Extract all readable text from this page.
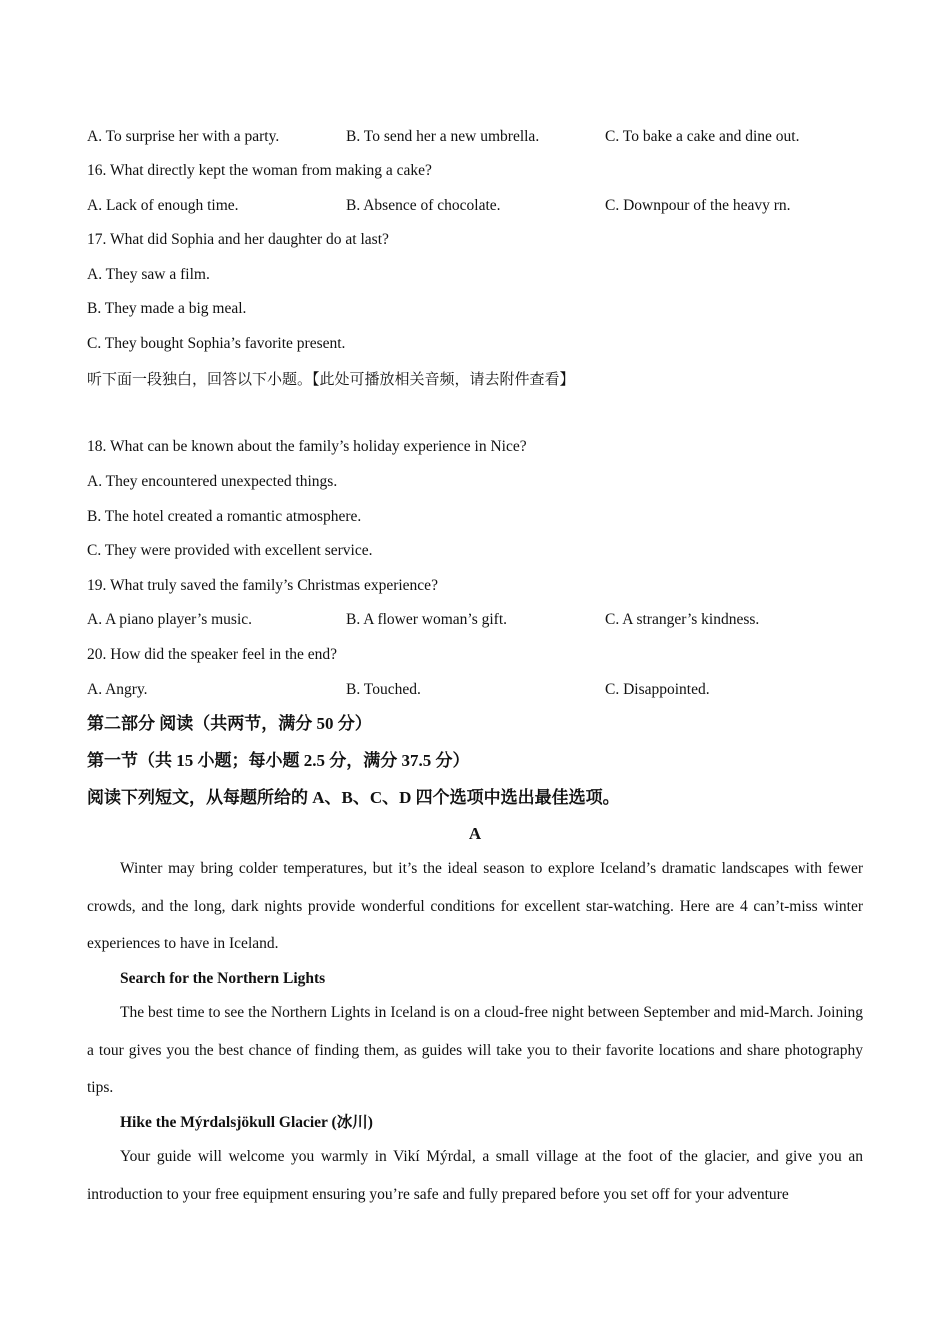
A. To surprise her with a party.	B. To send her a new umbrella.	C. To bake a cake and dine out.
16. What directly kept the woman from making a cake?
A. Lack of enough time.	B. Absence of chocolate.	C. Downpour of the heavy rn.
17. What did Sophia and her daughter do at last?
A. They saw a film.
B. They made a big meal.
C. They bought Sophia’s favorite present.
听下面一段独白，回答以下小题。【此处可播放相关音频，请去附件查看】
18. What can be known about the family’s holiday experience in Nice?
A. They encountered unexpected things.
B. The hotel created a romantic atmosphere.
C. They were provided with excellent service.
19. What truly saved the family’s Christmas experience?
A. A piano player’s music.	B. A flower woman’s gift.	C. A stranger’s kindness.
20. How did the speaker feel in the end?
A. Angry.	B. Touched.	C. Disappointed.
第二部分 阅读（共两节，满分 50 分）
第一节（共 15 小题；每小题 2.5 分，满分 37.5 分）
阅读下列短文，从每题所给的 A、B、C、D 四个选项中选出最佳选项。
A
Winter may bring colder temperatures, but it’s the ideal season to explore Iceland’s dramatic landscapes with fewer crowds, and the long, dark nights provide wonderful conditions for excellent star-watching. Here are 4 can’t-miss winter experiences to have in Iceland.
Search for the Northern Lights
The best time to see the Northern Lights in Iceland is on a cloud-free night between September and mid-March. Joining a tour gives you the best chance of finding them, as guides will take you to their favorite locations and share photography tips.
Hike the Mýrdalsjökull Glacier (冰川)
Your guide will welcome you warmly in Vikí Mýrdal, a small village at the foot of the glacier, and give you an introduction to your free equipment ensuring you’re safe and fully prepared before you set off for your adventure
